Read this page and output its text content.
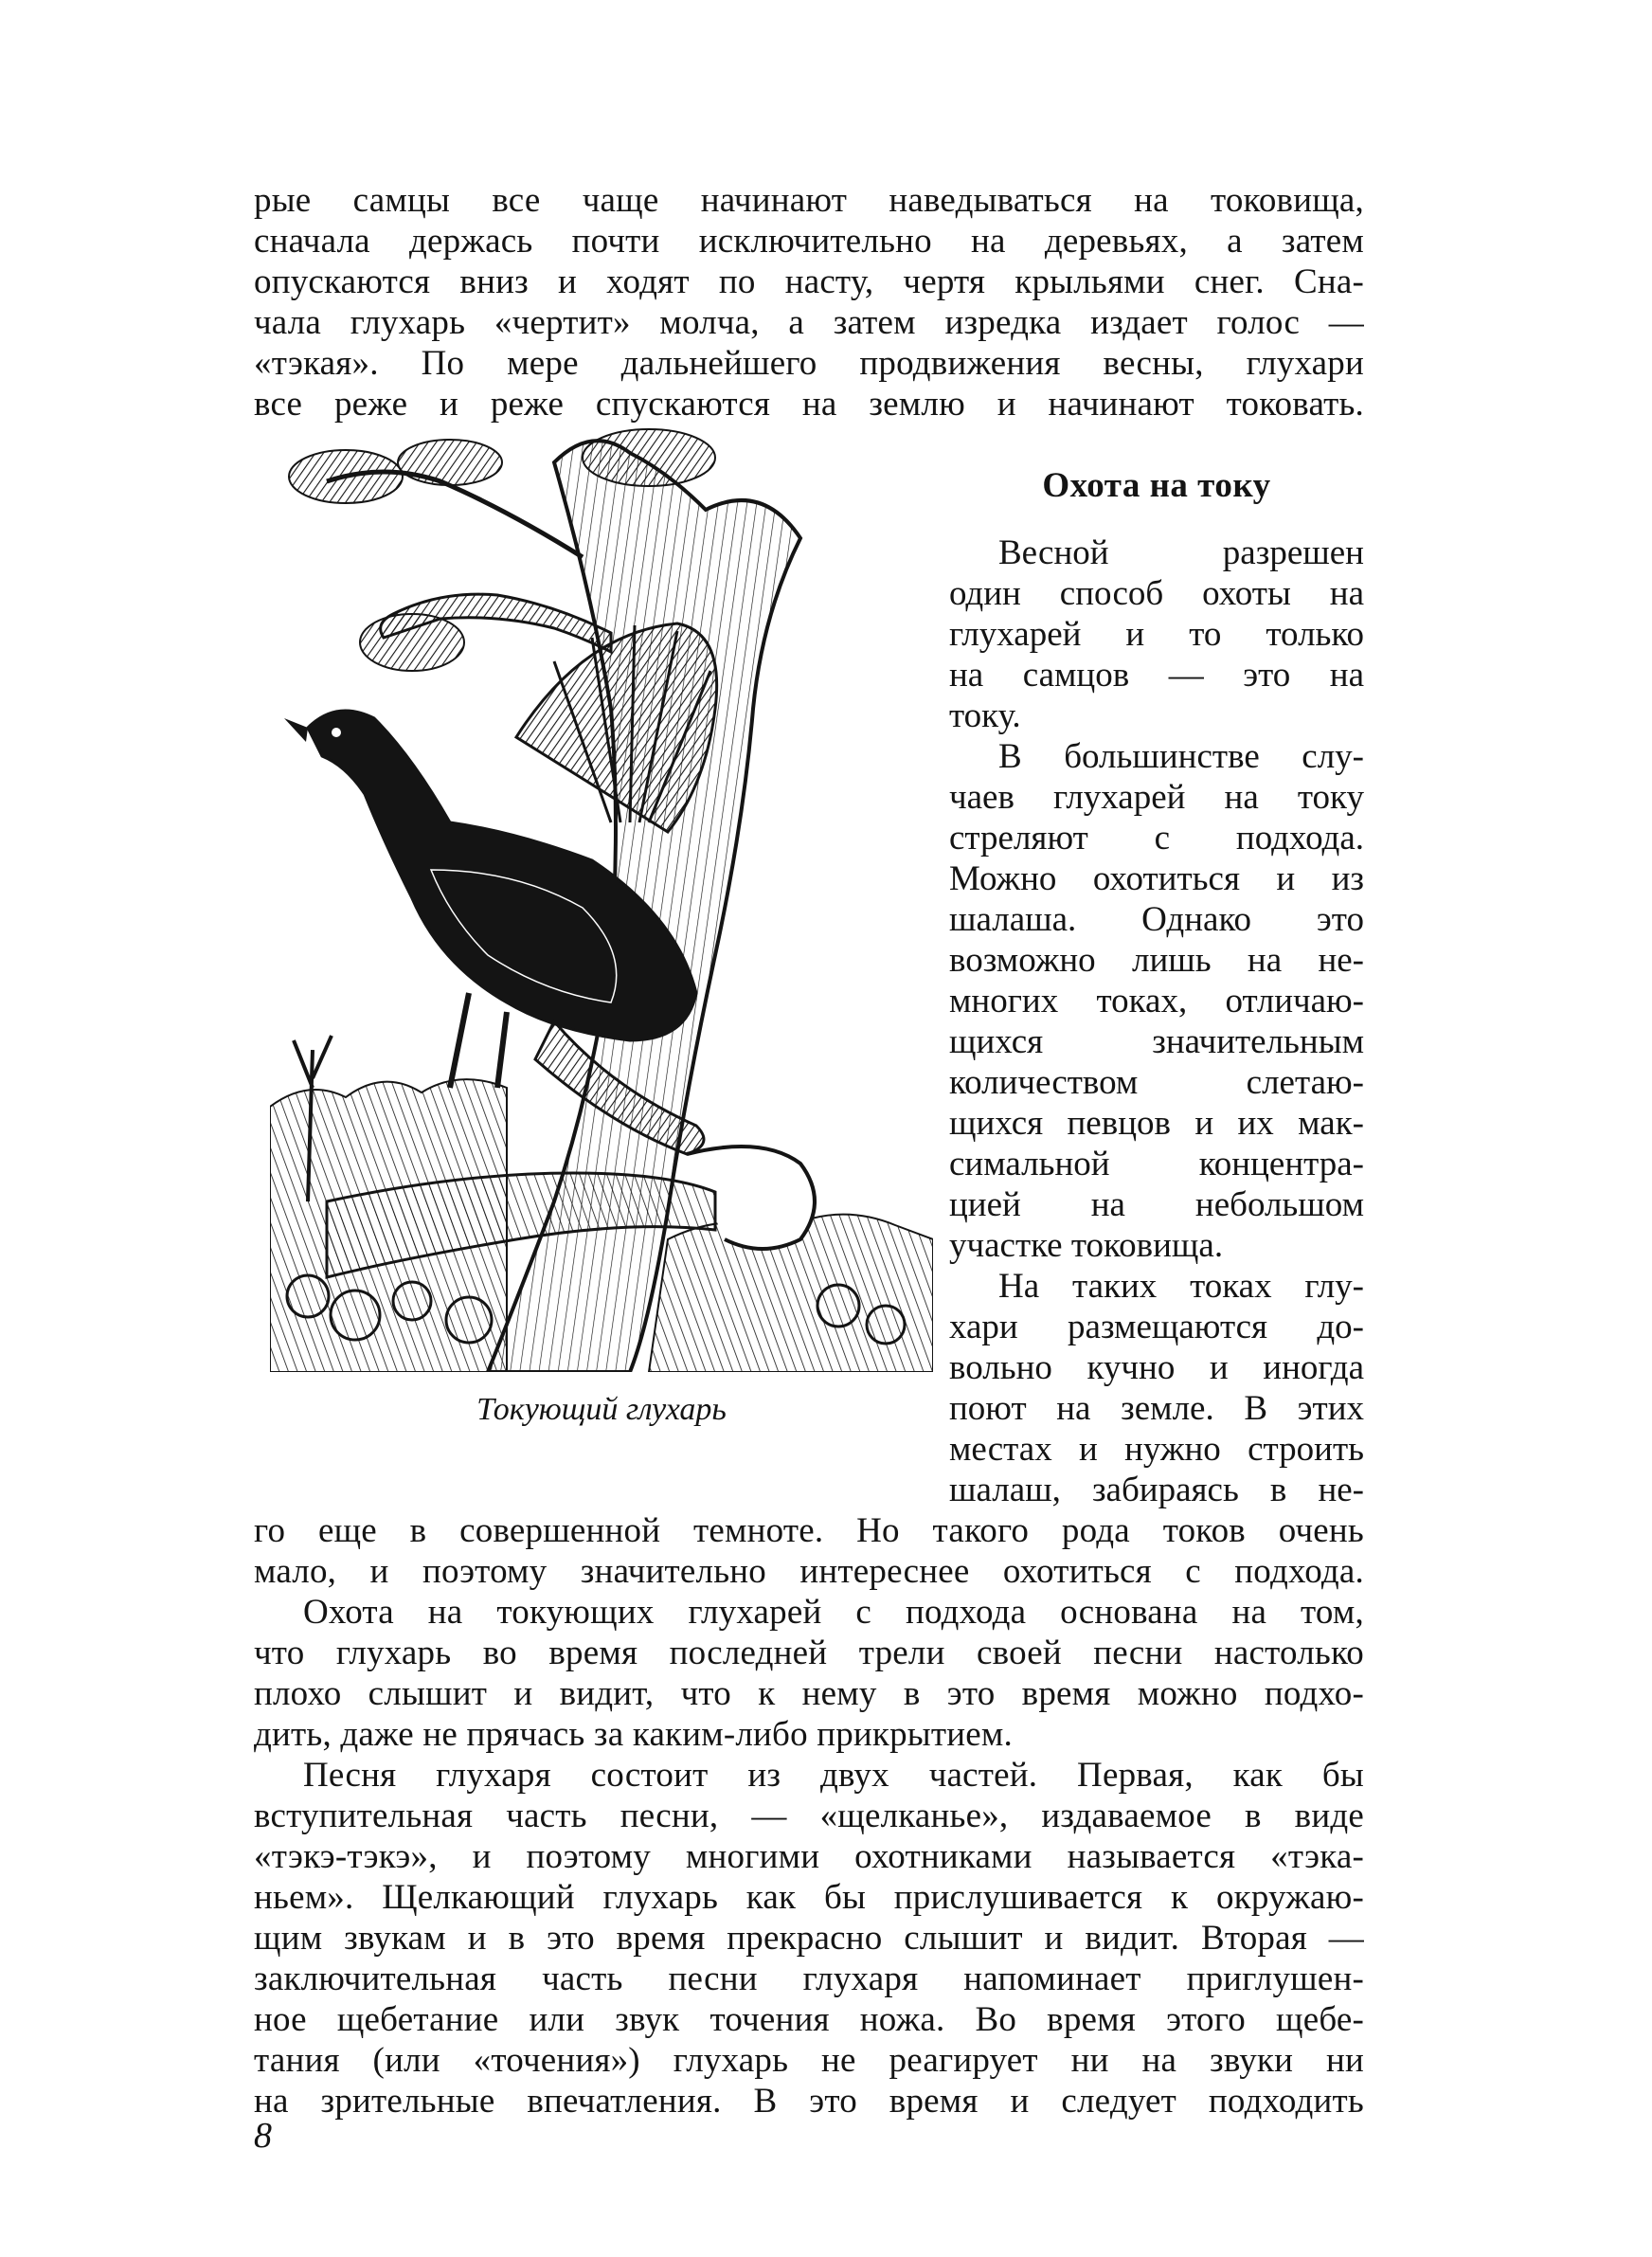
рые самцы все чаще начинают наведываться на токовища,
сначала держась почти исключительно на деревьях, а затем
опускаются вниз и ходят по насту, чертя крыльями снег. Сна-
чала глухарь «чертит» молча, а затем изредка издает голос —
«тэкая». По мере дальнейшего продвижения весны, глухари
все реже и реже спускаются на землю и начинают токовать.
Токующий глухарь
Охота на току
Весной разрешен
один способ охоты на
глухарей и то только
на самцов — это на
току.
В большинстве слу-
чаев глухарей на току
стреляют с подхода.
Можно охотиться и из
шалаша. Однако это
возможно лишь на не-
многих токах, отличаю-
щихся значительным
количеством слетаю-
щихся певцов и их мак-
симальной концентра-
цией на небольшом
участке токовища.
На таких токах глу-
хари размещаются до-
вольно кучно и иногда
поют на земле. В этих
местах и нужно строить
шалаш, забираясь в не-
го еще в совершенной темноте. Но такого рода токов очень
мало, и поэтому значительно интереснее охотиться с подхода.
Охота на токующих глухарей с подхода основана на том,
что глухарь во время последней трели своей песни настолько
плохо слышит и видит, что к нему в это время можно подхо-
дить, даже не прячась за каким-либо прикрытием.
Песня глухаря состоит из двух частей. Первая, как бы
вступительная часть песни, — «щелканье», издаваемое в виде
«тэкэ-тэкэ», и поэтому многими охотниками называется «тэка-
ньем». Щелкающий глухарь как бы прислушивается к окружаю-
щим звукам и в это время прекрасно слышит и видит. Вторая —
заключительная часть песни глухаря напоминает приглушен-
ное щебетание или звук точения ножа. Во время этого щебе-
тания (или «точения») глухарь не реагирует ни на звуки ни
на зрительные впечатления. В это время и следует подходить
8
